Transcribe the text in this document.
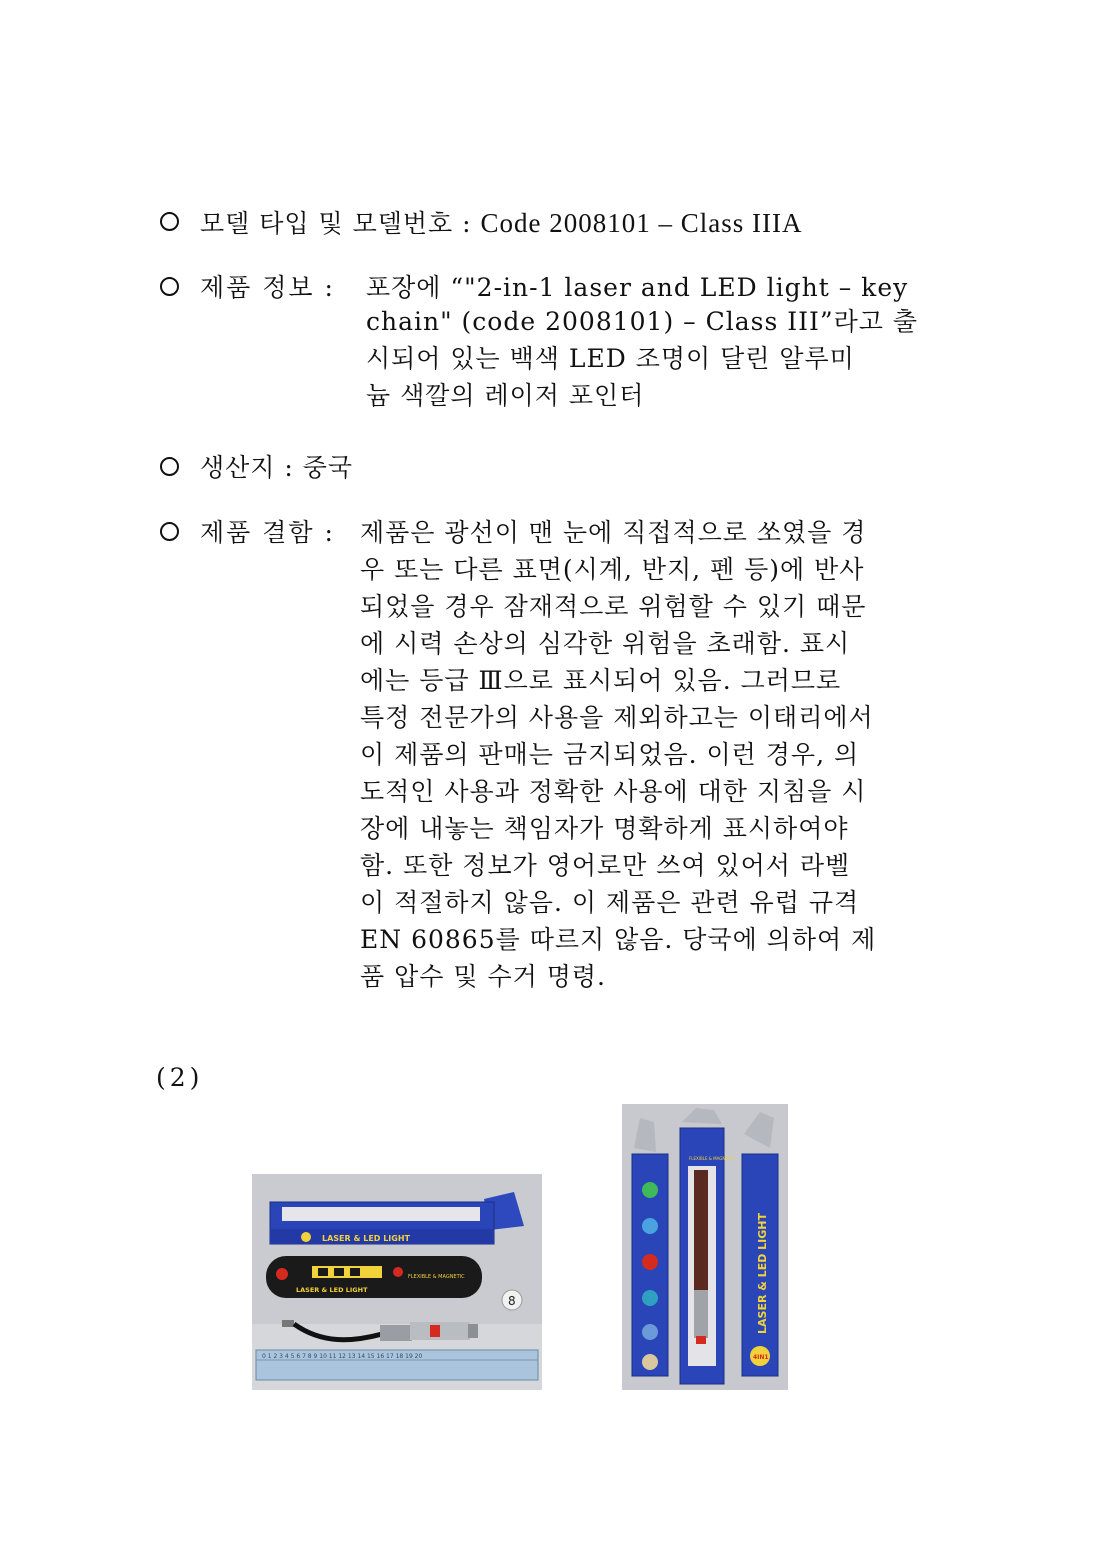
모델 타입 및 모델번호 : Code 2008101 – Class IIIA
제품 정보 : 포장에 “"2-in-1 laser and LED light – key
chain" (code 2008101) – Class III”라고 출
시되어 있는 백색 LED 조명이 달린 알루미
늄 색깔의 레이저 포인터
생산지 : 중국
제품 결함 : 제품은 광선이 맨 눈에 직접적으로 쏘였을 경
우 또는 다른 표면(시계, 반지, 펜 등)에 반사
되었을 경우 잠재적으로 위험할 수 있기 때문
에 시력 손상의 심각한 위험을 초래함. 표시
에는 등급 Ⅲ으로 표시되어 있음. 그러므로
특정 전문가의 사용을 제외하고는 이태리에서
이 제품의 판매는 금지되었음. 이런 경우, 의
도적인 사용과 정확한 사용에 대한 지침을 시
장에 내놓는 책임자가 명확하게 표시하여야
함. 또한 정보가 영어로만 쓰여 있어서 라벨
이 적절하지 않음. 이 제품은 관련 유럽 규격
EN 60865를 따르지 않음. 당국에 의하여 제
품 압수 및 수거 명령.
(2)
LASER & LED LIGHT
LASER & LED LIGHT
FLEXIBLE & MAGNETIC
8
0 1 2 3 4 5 6 7 8 9 10 11 12 13 14 15 16 17 18 19 20
FLEXIBLE & MAGNETIC
LASER & LED LIGHT
4IN1
